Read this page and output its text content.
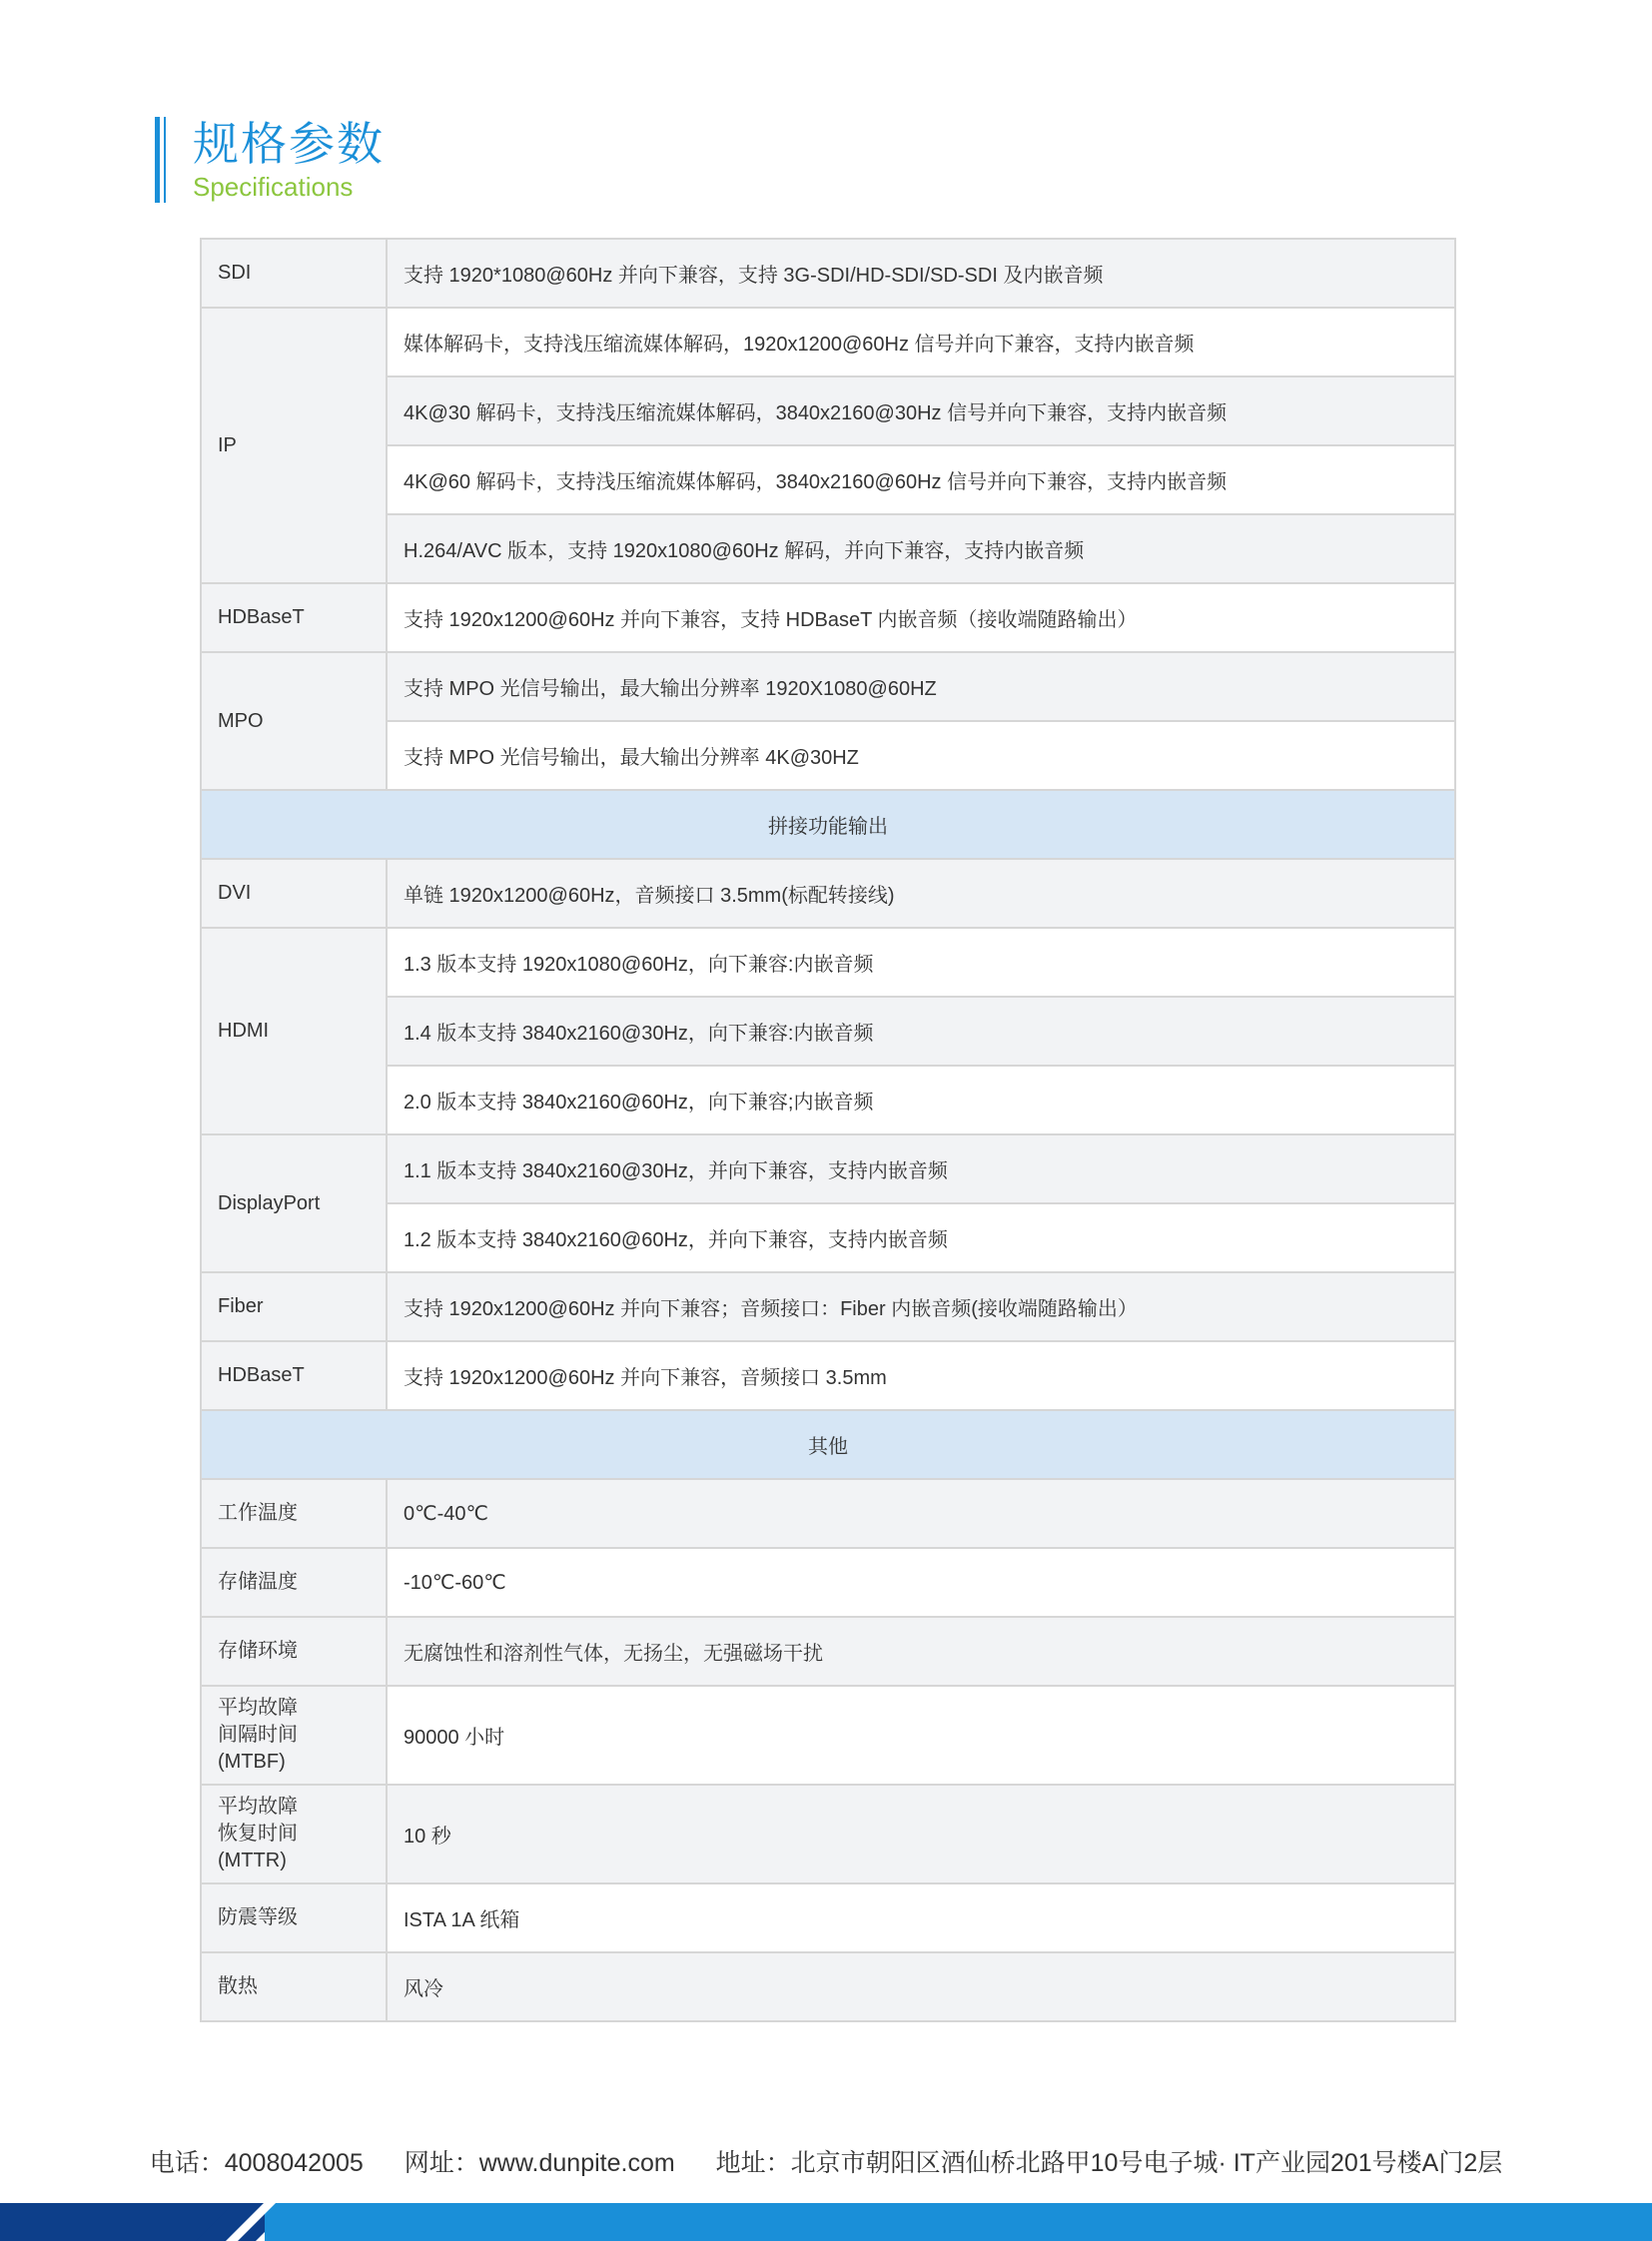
规格参数
Specifications
SDI	支持 1920*1080@60Hz 并向下兼容，支持 3G-SDI/HD-SDI/SD-SDI 及内嵌音频
IP	媒体解码卡，支持浅压缩流媒体解码，1920x1200@60Hz 信号并向下兼容，支持内嵌音频
	4K@30 解码卡，支持浅压缩流媒体解码，3840x2160@30Hz 信号并向下兼容，支持内嵌音频
	4K@60 解码卡，支持浅压缩流媒体解码，3840x2160@60Hz 信号并向下兼容，支持内嵌音频
	H.264/AVC 版本，支持 1920x1080@60Hz 解码，并向下兼容，支持内嵌音频
HDBaseT	支持 1920x1200@60Hz 并向下兼容，支持 HDBaseT 内嵌音频（接收端随路输出）
MPO	支持 MPO 光信号输出，最大输出分辨率 1920X1080@60HZ
	支持 MPO 光信号输出，最大输出分辨率 4K@30HZ
拼接功能输出	
DVI	单链 1920x1200@60Hz，音频接口 3.5mm(标配转接线)
HDMI	1.3 版本支持 1920x1080@60Hz，向下兼容:内嵌音频
	1.4 版本支持 3840x2160@30Hz，向下兼容:内嵌音频
	2.0 版本支持 3840x2160@60Hz，向下兼容;内嵌音频
DisplayPort	1.1 版本支持 3840x2160@30Hz，并向下兼容，支持内嵌音频
	1.2 版本支持 3840x2160@60Hz，并向下兼容，支持内嵌音频
Fiber	支持 1920x1200@60Hz 并向下兼容；音频接口：Fiber 内嵌音频(接收端随路输出）
HDBaseT	支持 1920x1200@60Hz 并向下兼容，音频接口 3.5mm
其他	
工作温度	0℃-40℃
存储温度	-10℃-60℃
存储环境	无腐蚀性和溶剂性气体，无扬尘，无强磁场干扰
平均故障
间隔时间
(MTBF)	90000 小时
平均故障
恢复时间
(MTTR)	10 秒
防震等级	ISTA 1A 纸箱
散热	风冷
电话：4008042005 网址：www.dunpite.com 地址：北京市朝阳区酒仙桥北路甲10号电子城· IT产业园201号楼A门2层
